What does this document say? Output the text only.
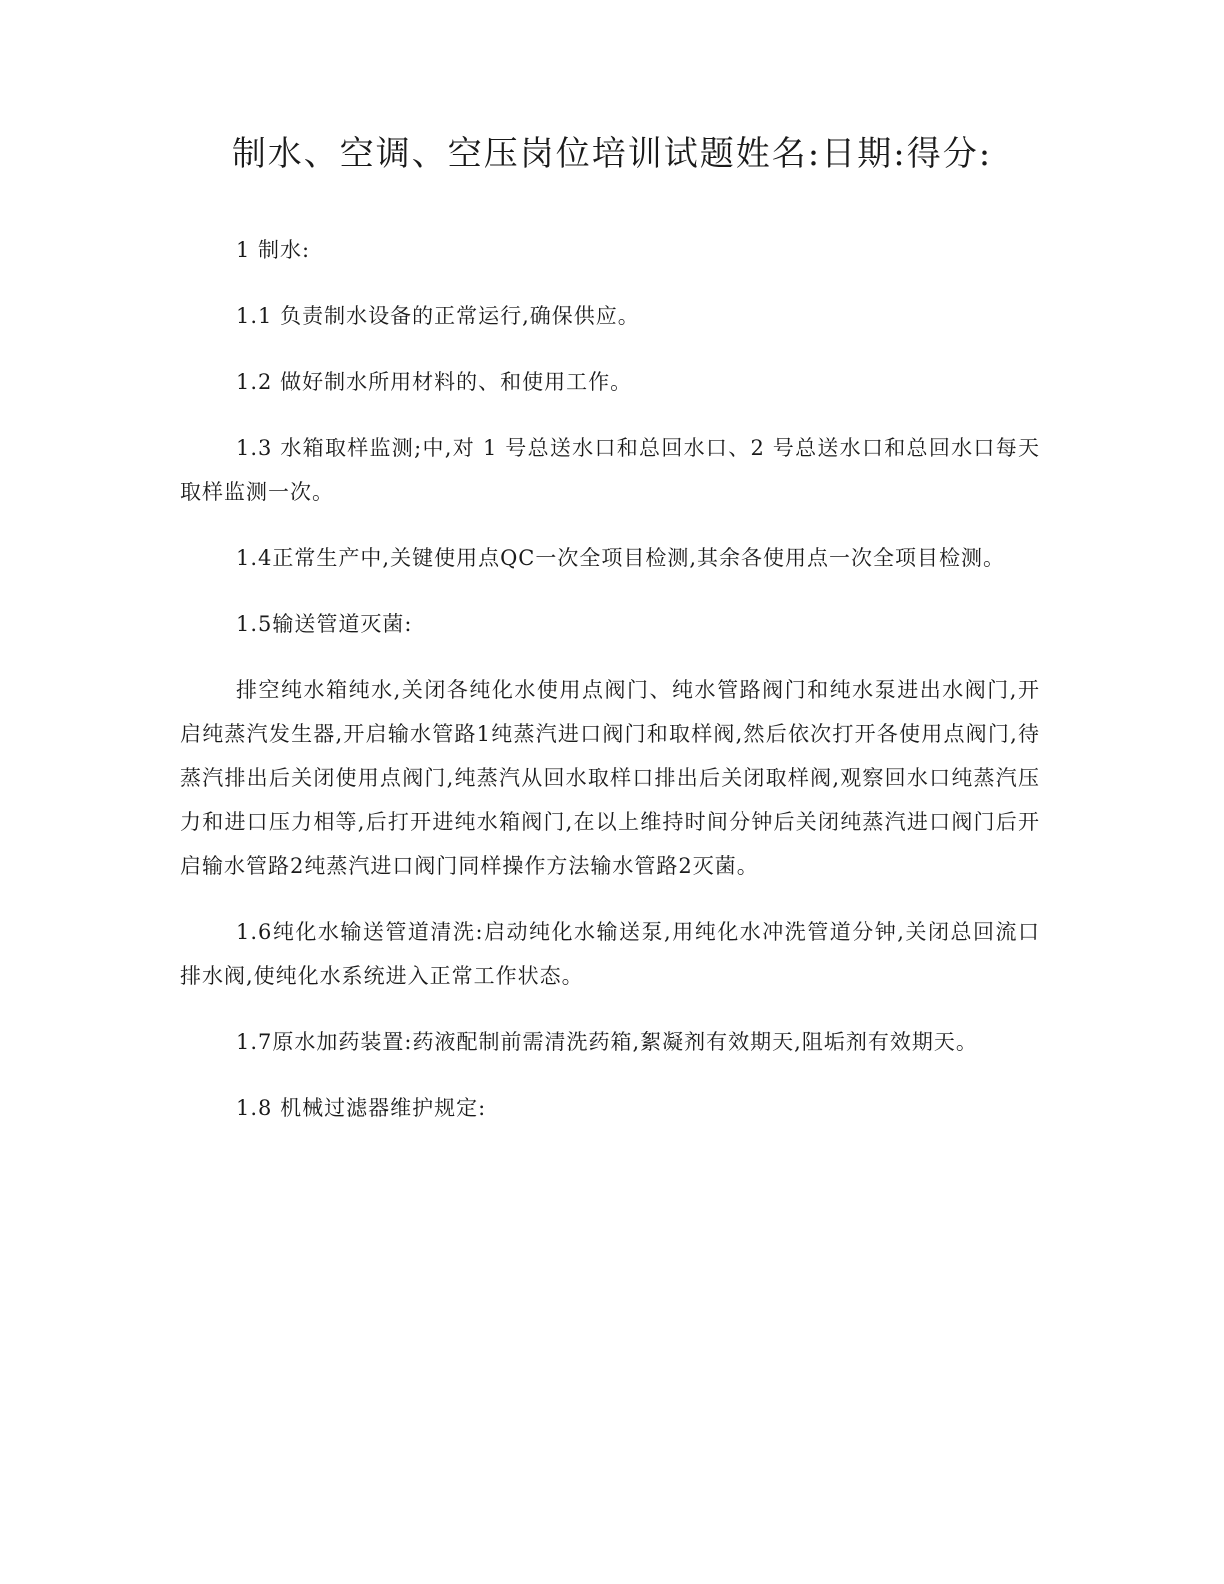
制水、空调、空压岗位培训试题姓名:日期:得分:

1 制水:

1.1 负责制水设备的正常运行,确保供应。

1.2 做好制水所用材料的、和使用工作。

1.3 水箱取样监测;中,对 1 号总送水口和总回水口、2 号总送水口和总回水口每天取样监测一次。

1.4正常生产中,关键使用点QC一次全项目检测,其余各使用点一次全项目检测。

1.5输送管道灭菌:

排空纯水箱纯水,关闭各纯化水使用点阀门、纯水管路阀门和纯水泵进出水阀门,开启纯蒸汽发生器,开启输水管路1纯蒸汽进口阀门和取样阀,然后依次打开各使用点阀门,待蒸汽排出后关闭使用点阀门,纯蒸汽从回水取样口排出后关闭取样阀,观察回水口纯蒸汽压力和进口压力相等,后打开进纯水箱阀门,在以上维持时间分钟后关闭纯蒸汽进口阀门后开启输水管路2纯蒸汽进口阀门同样操作方法输水管路2灭菌。

1.6纯化水输送管道清洗:启动纯化水输送泵,用纯化水冲洗管道分钟,关闭总回流口排水阀,使纯化水系统进入正常工作状态。

1.7原水加药装置:药液配制前需清洗药箱,絮凝剂有效期天,阻垢剂有效期天。

1.8 机械过滤器维护规定:
